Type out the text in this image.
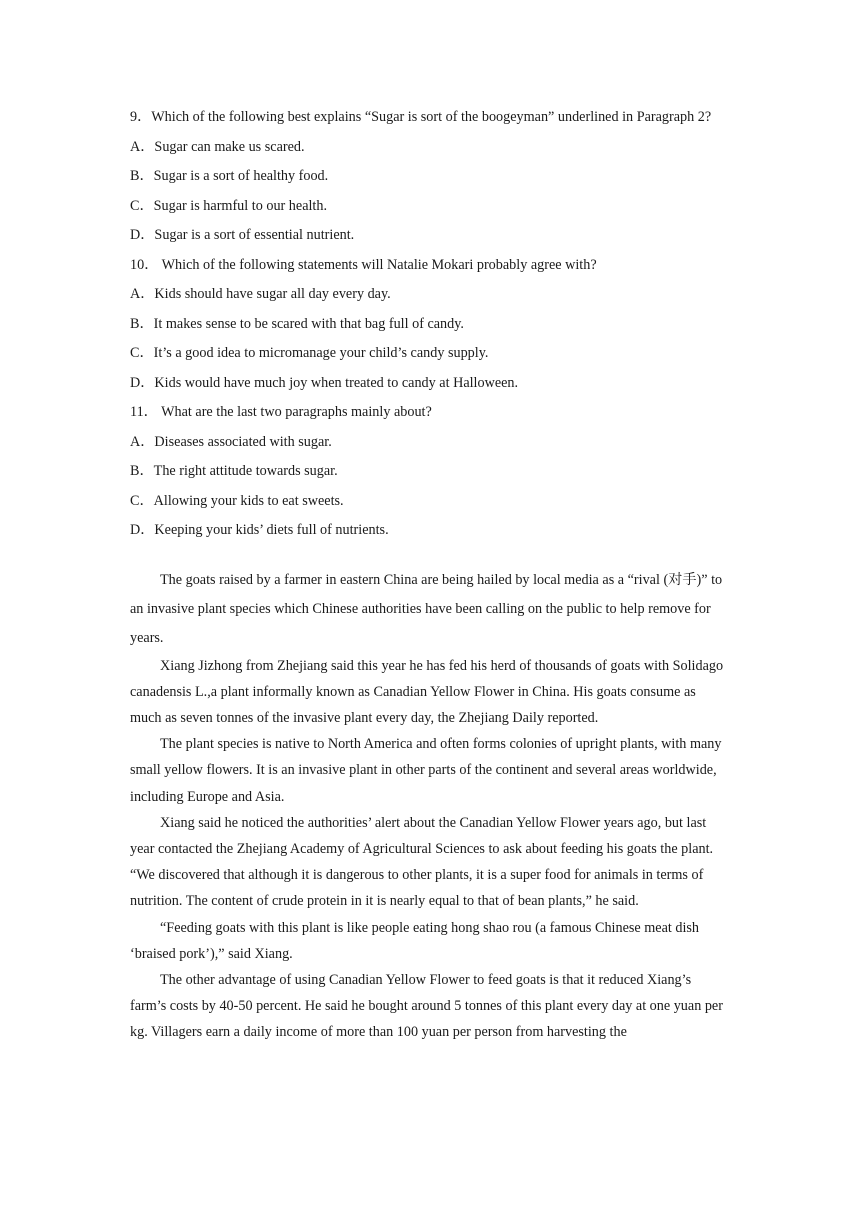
9．Which of the following best explains “Sugar is sort of the boogeyman” underlined in Paragraph 2?

A．Sugar can make us scared.

B．Sugar is a sort of healthy food.

C．Sugar is harmful to our health.

D．Sugar is a sort of essential nutrient.

10． Which of the following statements will Natalie Mokari probably agree with?

A．Kids should have sugar all day every day.

B．It makes sense to be scared with that bag full of candy.

C．It’s a good idea to micromanage your child’s candy supply.

D．Kids would have much joy when treated to candy at Halloween.

11． What are the last two paragraphs mainly about?

A．Diseases associated with sugar.

B．The right attitude towards sugar.

C．Allowing your kids to eat sweets.

D．Keeping your kids’ diets full of nutrients.

The goats raised by a farmer in eastern China are being hailed by local media as a “rival (对手)” to an invasive plant species which Chinese authorities have been calling on the public to help remove for years.

Xiang Jizhong from Zhejiang said this year he has fed his herd of thousands of goats with Solidago canadensis L.,a plant informally known as Canadian Yellow Flower in China. His goats consume as much as seven tonnes of the invasive plant every day, the Zhejiang Daily reported.

The plant species is native to North America and often forms colonies of upright plants, with many small yellow flowers. It is an invasive plant in other parts of the continent and several areas worldwide, including Europe and Asia.

Xiang said he noticed the authorities’ alert about the Canadian Yellow Flower years ago, but last year contacted the Zhejiang Academy of Agricultural Sciences to ask about feeding his goats the plant. “We discovered that although it is dangerous to other plants, it is a super food for animals in terms of nutrition. The content of crude protein in it is nearly equal to that of bean plants,” he said.

“Feeding goats with this plant is like people eating hong shao rou (a famous Chinese meat dish ‘braised pork’),” said Xiang.

The other advantage of using Canadian Yellow Flower to feed goats is that it reduced Xiang’s farm’s costs by 40-50 percent. He said he bought around 5 tonnes of this plant every day at one yuan per kg. Villagers earn a daily income of more than 100 yuan per person from harvesting the
